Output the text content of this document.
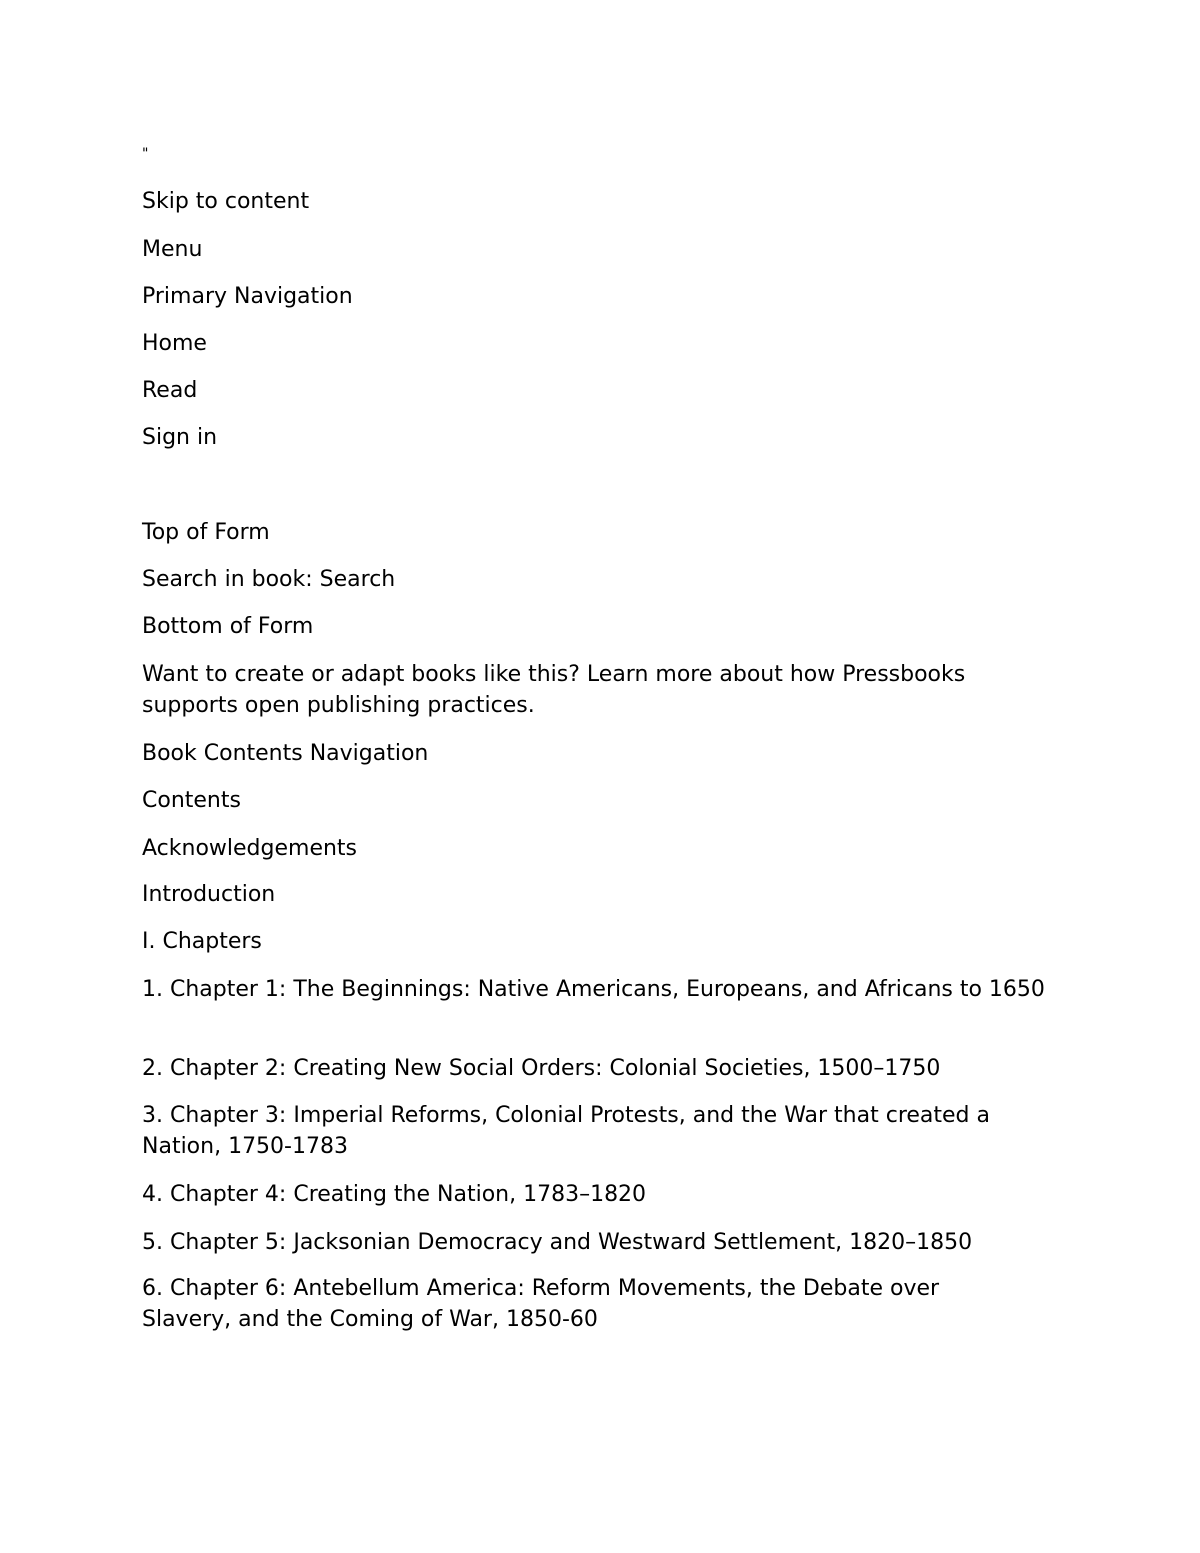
"
Skip to content
Menu
Primary Navigation
Home
Read
Sign in
Top of Form
Search in book: Search
Bottom of Form
Want to create or adapt books like this? Learn more about how Pressbooks supports open publishing practices.
Book Contents Navigation
Contents
Acknowledgements
Introduction
I. Chapters
1. Chapter 1: The Beginnings: Native Americans, Europeans, and Africans to 1650
2. Chapter 2: Creating New Social Orders: Colonial Societies, 1500–1750
3. Chapter 3: Imperial Reforms, Colonial Protests, and the War that created a Nation, 1750-1783
4. Chapter 4: Creating the Nation, 1783–1820
5. Chapter 5: Jacksonian Democracy and Westward Settlement, 1820–1850
6. Chapter 6: Antebellum America: Reform Movements, the Debate over Slavery, and the Coming of War, 1850-60
